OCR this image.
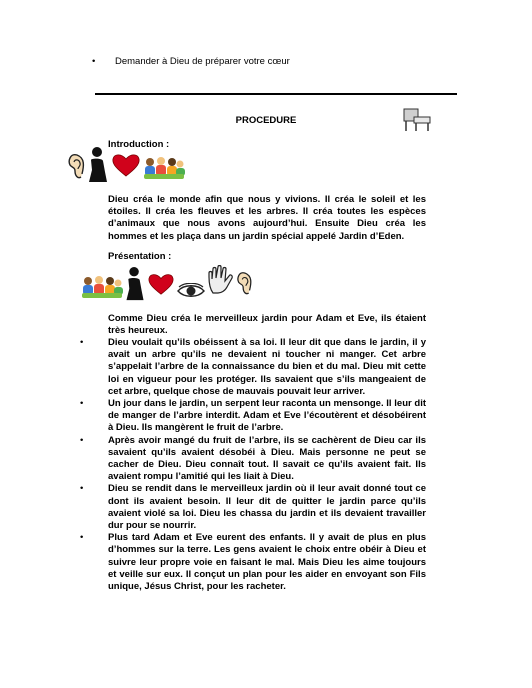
• Demander à Dieu de préparer votre cœur
PROCEDURE
Introduction :
Dieu créa le monde afin que nous y vivions. Il créa le soleil et les étoiles. Il créa les fleuves et les arbres. Il créa toutes les espèces d’animaux que nous avons aujourd’hui. Ensuite Dieu créa les hommes et les plaça dans un jardin spécial appelé Jardin d’Eden.
Présentation :
Comme Dieu créa le merveilleux jardin pour Adam et Eve, ils étaient très heureux.
•	Dieu voulait qu’ils obéissent à sa loi. Il leur dit que dans le jardin, il y avait un arbre qu’ils ne devaient ni toucher ni manger. Cet arbre s’appelait l’arbre de la connaissance du bien et du mal. Dieu mit cette loi en vigueur pour les protéger. Ils savaient que s’ils mangeaient de cet arbre, quelque chose de mauvais pouvait leur arriver.
•	Un jour dans le jardin, un serpent leur raconta un mensonge. Il leur dit de manger de l’arbre interdit. Adam et Eve l’écoutèrent et désobéirent à Dieu. Ils mangèrent le fruit de l’arbre.
•	Après avoir mangé du fruit de l’arbre, ils se cachèrent de Dieu car ils savaient qu’ils avaient désobéi à Dieu. Mais personne ne peut se cacher de Dieu. Dieu connaît tout. Il savait ce qu’ils avaient fait. Ils avaient rompu l’amitié qui les liait à Dieu.
•	Dieu se rendit dans le merveilleux jardin où il leur avait donné tout ce dont ils avaient besoin. Il leur dit de quitter le jardin parce qu’ils avaient violé sa loi. Dieu les chassa du jardin et ils devaient travailler dur pour se nourrir.
•	Plus tard Adam et Eve eurent des enfants. Il y avait de plus en plus d’hommes sur la terre. Les gens avaient le choix entre obéir à Dieu et suivre leur propre voie en faisant le mal. Mais Dieu les aime toujours et veille sur eux. Il conçut un plan pour les aider en envoyant son Fils unique, Jésus Christ, pour les racheter.
